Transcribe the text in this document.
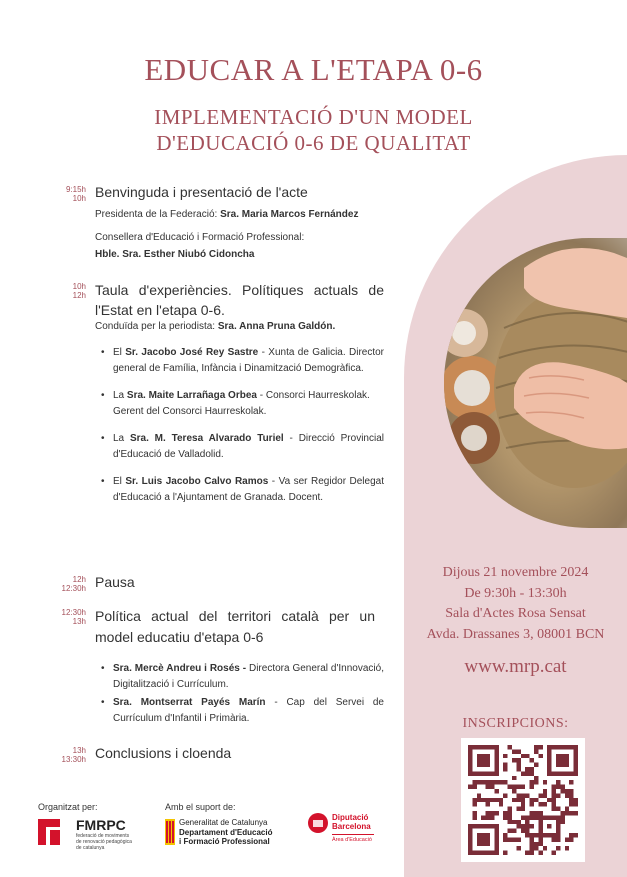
EDUCAR A L'ETAPA 0-6
IMPLEMENTACIÓ D'UN MODEL
D'EDUCACIÓ 0-6 DE QUALITAT
9:15h
10h Benvinguda i presentació de l'acte
Presidenta de la Federació: Sra. Maria Marcos Fernández
Consellera d'Educació i Formació Professional:
Hble. Sra. Esther Niubó Cidoncha
10h
12h Taula d'experiències. Polítiques actuals de
l'Estat en l'etapa 0-6.
Conduïda per la periodista: Sra. Anna Pruna Galdón.
• El Sr. Jacobo José Rey Sastre - Xunta de Galicia. Director general de Família, Infància i Dinamització Demogràfica.
• La Sra. Maite Larrañaga Orbea - Consorci Haurreskolak.
Gerent del Consorci Haurreskolak.
• La Sra. M. Teresa Alvarado Turiel - Direcció Provincial d'Educació de Valladolid.
• El Sr. Luis Jacobo Calvo Ramos - Va ser Regidor Delegat d'Educació a l'Ajuntament de Granada. Docent.
12h
12:30h Pausa
12:30h
13h Política actual del territori català per un
model educatiu d'etapa 0-6
• Sra. Mercè Andreu i Rosés - Directora General d'Innovació, Digitalització i Currículum.
• Sra. Montserrat Payés Marín - Cap del Servei de Currículum d'Infantil i Primària.
13h
13:30h Conclusions i cloenda
Dijous 21 novembre 2024
De 9:30h - 13:30h
Sala d'Actes Rosa Sensat
Avda. Drassanes 3, 08001 BCN
www.mrp.cat
INSCRIPCIONS:
Organitzat per:
FMRPC
federació de moviments
de renovació pedagògica
de catalunya
Amb el suport de:
Generalitat de Catalunya
Departament d'Educació
i Formació Professional
Diputació
Barcelona
Àrea d'Educació
